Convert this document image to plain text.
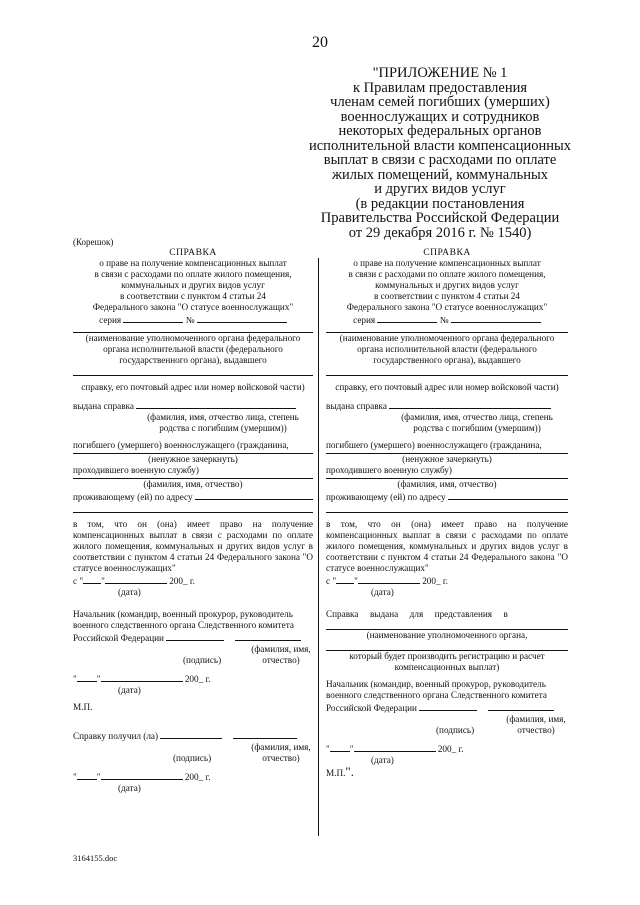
20
"ПРИЛОЖЕНИЕ № 1
к Правилам предоставления
членам семей погибших (умерших)
военнослужащих и сотрудников
некоторых федеральных органов
исполнительной власти компенсационных
выплат в связи с расходами по оплате
жилых помещений, коммунальных
и других видов услуг
(в редакции постановления
Правительства Российской Федерации
от 29 декабря 2016 г. № 1540)
(Корешок)
СПРАВКА
о праве на получение компенсационных выплат
в связи с расходами по оплате жилого помещения,
коммунальных и других видов услуг
в соответствии с пунктом 4 статьи 24
Федерального закона "О статусе военнослужащих"
серия	№
(наименование уполномоченного органа федерального органа исполнительной власти (федерального государственного органа), выдавшего
справку, его почтовый адрес или номер войсковой части)
выдана справка
(фамилия, имя, отчество лица, степень родства с погибшим (умершим))
погибшего (умершего) военнослужащего (гражданина,
(ненужное зачеркнуть)
проходившего военную службу)
(фамилия, имя, отчество)
проживающему (ей) по адресу
в том, что он (она) имеет право на получение компенсационных выплат в связи с расходами по оплате жилого помещения, коммунальных и других видов услуг в соответствии с пунктом 4 статьи 24 Федерального закона "О статусе военнослужащих"
с " "	200_ г.
(дата)
Начальник (командир, военный прокурор, руководитель военного следственного органа Следственного комитета
Российской Федерации
(подпись)
(фамилия, имя, отчество)
" "	200_ г.
(дата)
М.П.
Справку получил (ла)
(подпись)
(фамилия, имя, отчество)
" "	200_ г.
(дата)
СПРАВКА
о праве на получение компенсационных выплат
в связи с расходами по оплате жилого помещения,
коммунальных и других видов услуг
в соответствии с пунктом 4 статьи 24
Федерального закона "О статусе военнослужащих"
серия	№
(наименование уполномоченного органа федерального органа исполнительной власти (федерального государственного органа), выдавшего
справку, его почтовый адрес или номер войсковой части)
выдана справка
(фамилия, имя, отчество лица, степень родства с погибшим (умершим))
погибшего (умершего) военнослужащего (гражданина,
(ненужное зачеркнуть)
проходившего военную службу)
(фамилия, имя, отчество)
проживающему (ей) по адресу
в том, что он (она) имеет право на получение компенсационных выплат в связи с расходами по оплате жилого помещения, коммунальных и других видов услуг в соответствии с пунктом 4 статьи 24 Федерального закона "О статусе военнослужащих"
с " "	200_ г.
(дата)
Справка     выдана     для     представления     в
(наименование уполномоченного органа,
который будет производить регистрацию и расчет компенсационных выплат)
Начальник (командир, военный прокурор, руководитель военного следственного органа Следственного комитета
Российской Федерации
(подпись)
(фамилия, имя, отчество)
" "	200_ г.
(дата)
М.П.".
3164155.doc
